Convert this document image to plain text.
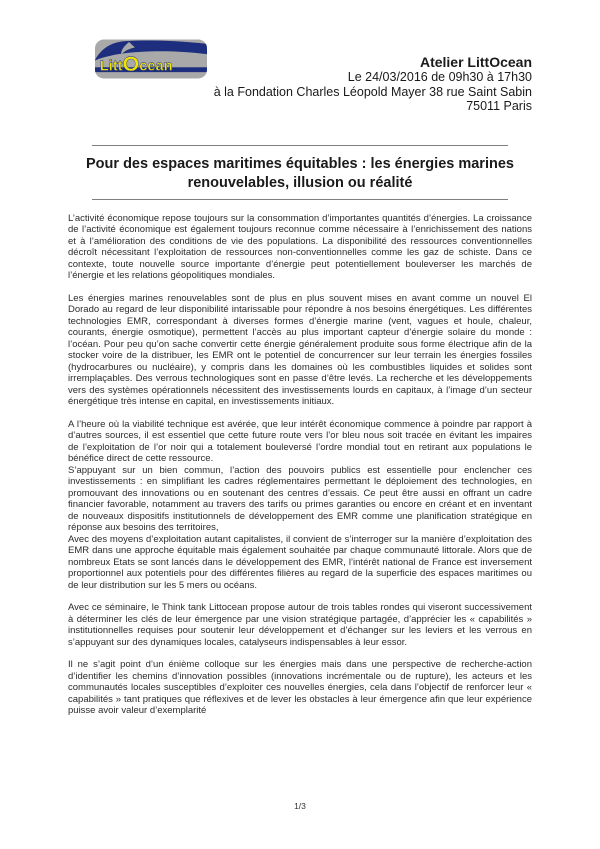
LittOcean	Atelier LittOcean
Le 24/03/2016 de 09h30 à 17h30
à la Fondation Charles Léopold Mayer 38 rue Saint Sabin 75011 Paris
Pour des espaces maritimes équitables : les énergies marines renouvelables, illusion ou réalité

L’activité économique repose toujours sur la consommation d’importantes quantités d’énergies. La croissance de l’activité économique est également toujours reconnue comme nécessaire à l’enrichissement des nations et à l’amélioration des conditions de vie des populations. La disponibilité des ressources conventionnelles décroît nécessitant l’exploitation de ressources non-conventionnelles comme les gaz de schiste. Dans ce contexte, toute nouvelle source importante d’énergie peut potentiellement bouleverser les marchés de l’énergie et les relations géopolitiques mondiales.

Les énergies marines renouvelables sont de plus en plus souvent mises en avant comme un nouvel El Dorado au regard de leur disponibilité intarissable pour répondre à nos besoins énergétiques. Les différentes technologies EMR, correspondant à diverses formes d’énergie marine (vent, vagues et houle, chaleur, courants, énergie osmotique), permettent l’accès au plus important capteur d’énergie solaire du monde : l’océan. Pour peu qu’on sache convertir cette énergie généralement produite sous forme électrique afin de la stocker voire de la distribuer, les EMR ont le potentiel de concurrencer sur leur terrain les énergies fossiles (hydrocarbures ou nucléaire), y compris dans les domaines où les combustibles liquides et solides sont irremplaçables. Des verrous technologiques sont en passe d’être levés. La recherche et les développements vers des systèmes opérationnels nécessitent des investissements lourds en capitaux, à l’image d’un secteur énergétique très intense en capital, en investissements initiaux.

A l’heure où la viabilité technique est avérée, que leur intérêt économique commence à poindre par rapport à d’autres sources, il est essentiel que cette future route vers l’or bleu nous soit tracée en évitant les impaires de l’exploitation de l’or noir qui a totalement bouleversé l’ordre mondial tout en retirant aux populations le bénéfice direct de cette ressource.

S’appuyant sur un bien commun, l’action des pouvoirs publics est essentielle pour enclencher ces investissements : en simplifiant les cadres réglementaires permettant le déploiement des technologies, en promouvant des innovations ou en soutenant des centres d’essais. Ce peut être aussi en offrant un cadre financier favorable, notamment au travers des tarifs ou primes garanties ou encore en créant et en inventant de nouveaux dispositifs institutionnels de développement des EMR comme une planification stratégique en réponse aux besoins des territoires,

Avec des moyens d’exploitation autant capitalistes, il convient de s’interroger sur la manière d’exploitation des EMR dans une approche équitable mais également souhaitée par chaque communauté littorale. Alors que de nombreux Etats se sont lancés dans le développement des EMR, l’intérêt national de France est inversement proportionnel aux potentiels pour des différentes filières au regard de la superficie des espaces maritimes ou de leur distribution sur les 5 mers ou océans.

Avec ce séminaire, le Think tank Littocean propose autour de trois tables rondes qui viseront successivement à déterminer les clés de leur émergence par une vision stratégique partagée, d’apprécier les « capabilités » institutionnelles requises pour soutenir leur développement et d’échanger sur les leviers et les verrous en s’appuyant sur des dynamiques locales, catalyseurs indispensables à leur essor.

Il ne s’agit point d’un énième colloque sur les énergies mais dans une perspective de recherche-action d’identifier les chemins d’innovation possibles (innovations incrémentale ou de rupture), les acteurs et les communautés locales susceptibles d’exploiter ces nouvelles énergies, cela dans l’objectif de renforcer leur « capabilités » tant pratiques que réflexives et de lever les obstacles à leur émergence afin que leur expérience puisse avoir valeur d’exemplarité

1/3
